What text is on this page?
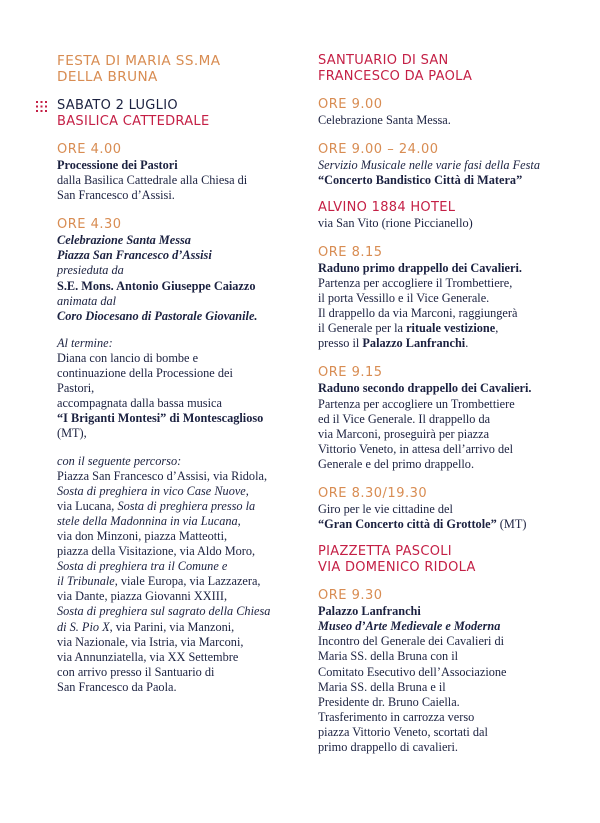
FESTA DI MARIA SS.MA
DELLA BRUNA
SABATO 2 LUGLIO
BASILICA CATTEDRALE
ORE 4.00
Processione dei Pastori
dalla Basilica Cattedrale alla Chiesa di
San Francesco d’Assisi.
ORE 4.30
Celebrazione Santa Messa
Piazza San Francesco d’Assisi
presieduta da
S.E. Mons. Antonio Giuseppe Caiazzo
animata dal
Coro Diocesano di Pastorale Giovanile.
Al termine:
Diana con lancio di bombe e
continuazione della Processione dei
Pastori,
accompagnata dalla bassa musica
“I Briganti Montesi” di Montescaglioso
(MT),
con il seguente percorso:
Piazza San Francesco d’Assisi, via Ridola,
Sosta di preghiera in vico Case Nuove,
via Lucana, Sosta di preghiera presso la
stele della Madonnina in via Lucana,
via don Minzoni, piazza Matteotti,
piazza della Visitazione, via Aldo Moro,
Sosta di preghiera tra il Comune e
il Tribunale, viale Europa, via Lazzazera,
via Dante, piazza Giovanni XXIII,
Sosta di preghiera sul sagrato della Chiesa
di S. Pio X, via Parini, via Manzoni,
via Nazionale, via Istria, via Marconi,
via Annunziatella, via XX Settembre
con arrivo presso il Santuario di
San Francesco da Paola.
SANTUARIO DI SAN
FRANCESCO DA PAOLA
ORE 9.00
Celebrazione Santa Messa.
ORE 9.00 – 24.00
Servizio Musicale nelle varie fasi della Festa
“Concerto Bandistico Città di Matera”
ALVINO 1884 HOTEL
via San Vito (rione Piccianello)
ORE 8.15
Raduno primo drappello dei Cavalieri.
Partenza per accogliere il Trombettiere,
il porta Vessillo e il Vice Generale.
Il drappello da via Marconi, raggiungerà
il Generale per la rituale vestizione,
presso il Palazzo Lanfranchi.
ORE 9.15
Raduno secondo drappello dei Cavalieri.
Partenza per accogliere un Trombettiere
ed il Vice Generale. Il drappello da
via Marconi, proseguirà per piazza
Vittorio Veneto, in attesa dell’arrivo del
Generale e del primo drappello.
ORE 8.30/19.30
Giro per le vie cittadine del
“Gran Concerto città di Grottole” (MT)
PIAZZETTA PASCOLI
VIA DOMENICO RIDOLA
ORE 9.30
Palazzo Lanfranchi
Museo d’Arte Medievale e Moderna
Incontro del Generale dei Cavalieri di
Maria SS. della Bruna con il
Comitato Esecutivo dell’Associazione
Maria SS. della Bruna e il
Presidente dr. Bruno Caiella.
Trasferimento in carrozza verso
piazza Vittorio Veneto, scortati dal
primo drappello di cavalieri.
